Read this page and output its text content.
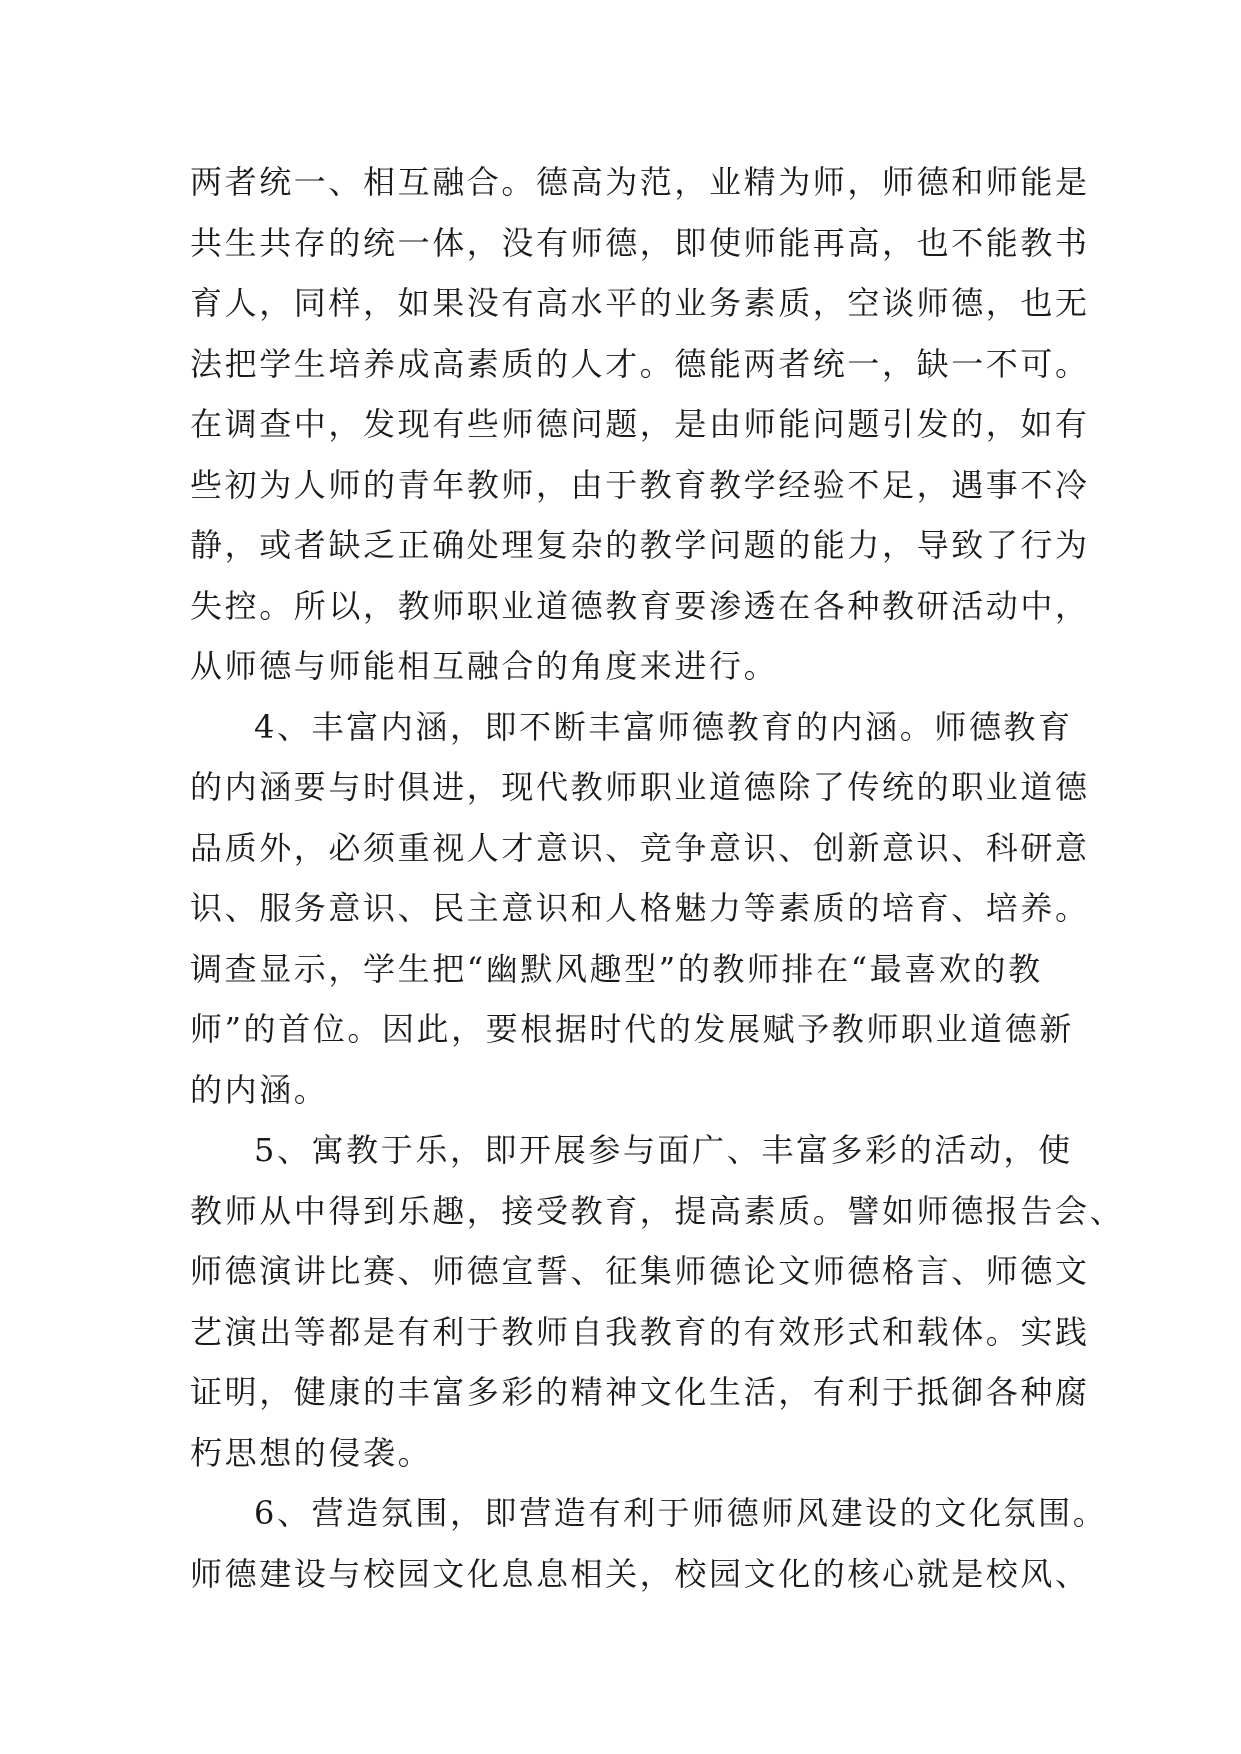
两者统一、相互融合。德高为范，业精为师，师德和师能是
共生共存的统一体，没有师德，即使师能再高，也不能教书
育人，同样，如果没有高水平的业务素质，空谈师德，也无
法把学生培养成高素质的人才。德能两者统一，缺一不可。
在调查中，发现有些师德问题，是由师能问题引发的，如有
些初为人师的青年教师，由于教育教学经验不足，遇事不冷
静，或者缺乏正确处理复杂的教学问题的能力，导致了行为
失控。所以，教师职业道德教育要渗透在各种教研活动中，
从师德与师能相互融合的角度来进行。
4、丰富内涵，即不断丰富师德教育的内涵。师德教育
的内涵要与时俱进，现代教师职业道德除了传统的职业道德
品质外，必须重视人才意识、竞争意识、创新意识、科研意
识、服务意识、民主意识和人格魅力等素质的培育、培养。
调查显示，学生把“幽默风趣型”的教师排在“最喜欢的教
师”的首位。因此，要根据时代的发展赋予教师职业道德新
的内涵。
5、寓教于乐，即开展参与面广、丰富多彩的活动，使
教师从中得到乐趣，接受教育，提高素质。譬如师德报告会、
师德演讲比赛、师德宣誓、征集师德论文师德格言、师德文
艺演出等都是有利于教师自我教育的有效形式和载体。实践
证明，健康的丰富多彩的精神文化生活，有利于抵御各种腐
朽思想的侵袭。
6、营造氛围，即营造有利于师德师风建设的文化氛围。
师德建设与校园文化息息相关，校园文化的核心就是校风、
